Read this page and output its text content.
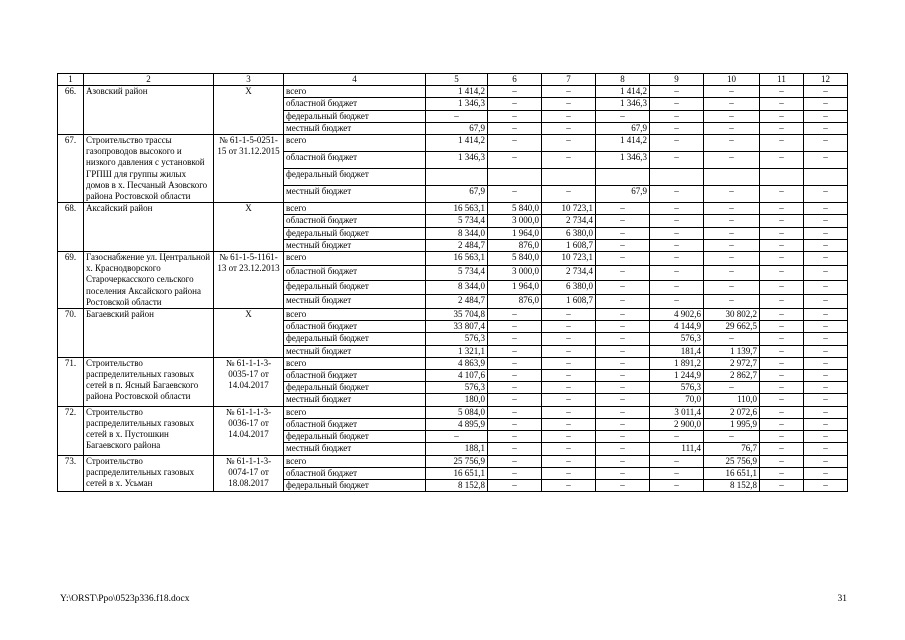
1	2	3	4	5	6	7	8	9	10	11	12
66.	Азовский район	X	всего	1 414,2	–	–	1 414,2	–	–	–	–
			областной бюджет	1 346,3	–	–	1 346,3	–	–	–	–
			федеральный бюджет	–	–	–	–	–	–	–	–
			местный бюджет	67,9	–	–	67,9	–	–	–	–
67.	Строительство трассы газопроводов высокого и низкого давления с установкой ГРПШ для группы жилых домов в х. Песчаный Азовского района Ростовской области	№ 61-1-5-0251-15 от 31.12.2015	всего	1 414,2	–	–	1 414,2	–	–	–	–
			областной бюджет	1 346,3	–	–	1 346,3	–	–	–	–
			федеральный бюджет								
			местный бюджет	67,9	–	–	67,9	–	–	–	–
68.	Аксайский район	X	всего	16 563,1	5 840,0	10 723,1	–	–	–	–	–
			областной бюджет	5 734,4	3 000,0	2 734,4	–	–	–	–	–
			федеральный бюджет	8 344,0	1 964,0	6 380,0	–	–	–	–	–
			местный бюджет	2 484,7	876,0	1 608,7	–	–	–	–	–
69.	Газоснабжение ул. Центральной х. Краснодворского Старочеркасского сельского поселения Аксайского района Ростовской области	№ 61-1-5-1161-13 от 23.12.2013	всего	16 563,1	5 840,0	10 723,1	–	–	–	–	–
			областной бюджет	5 734,4	3 000,0	2 734,4	–	–	–	–	–
			федеральный бюджет	8 344,0	1 964,0	6 380,0	–	–	–	–	–
			местный бюджет	2 484,7	876,0	1 608,7	–	–	–	–	–
70.	Багаевский район	X	всего	35 704,8	–	–	–	4 902,6	30 802,2	–	–
			областной бюджет	33 807,4	–	–	–	4 144,9	29 662,5	–	–
			федеральный бюджет	576,3	–	–	–	576,3	–	–	–
			местный бюджет	1 321,1	–	–	–	181,4	1 139,7	–	–
71.	Строительство распределительных газовых сетей в п. Ясный Багаевского района Ростовской области	№ 61-1-1-3-0035-17 от 14.04.2017	всего	4 863,9	–	–	–	1 891,2	2 972,7	–	–
			областной бюджет	4 107,6	–	–	–	1 244,9	2 862,7	–	–
			федеральный бюджет	576,3	–	–	–	576,3	–	–	–
			местный бюджет	180,0	–	–	–	70,0	110,0	–	–
72.	Строительство распределительных газовых сетей в х. Пустошкин Багаевского района	№ 61-1-1-3-0036-17 от 14.04.2017	всего	5 084,0	–	–	–	3 011,4	2 072,6	–	–
			областной бюджет	4 895,9	–	–	–	2 900,0	1 995,9	–	–
			федеральный бюджет	–	–	–	–	–	–	–	–
			местный бюджет	188,1	–	–	–	111,4	76,7	–	–
73.	Строительство распределительных газовых сетей в х. Усьман	№ 61-1-1-3-0074-17 от 18.08.2017	всего	25 756,9	–	–	–	–	25 756,9	–	–
			областной бюджет	16 651,1	–	–	–	–	16 651,1	–	–
			федеральный бюджет	8 152,8	–	–	–	–	8 152,8	–	–
Y:\ORST\Ppo\0523p336.f18.docx	31
